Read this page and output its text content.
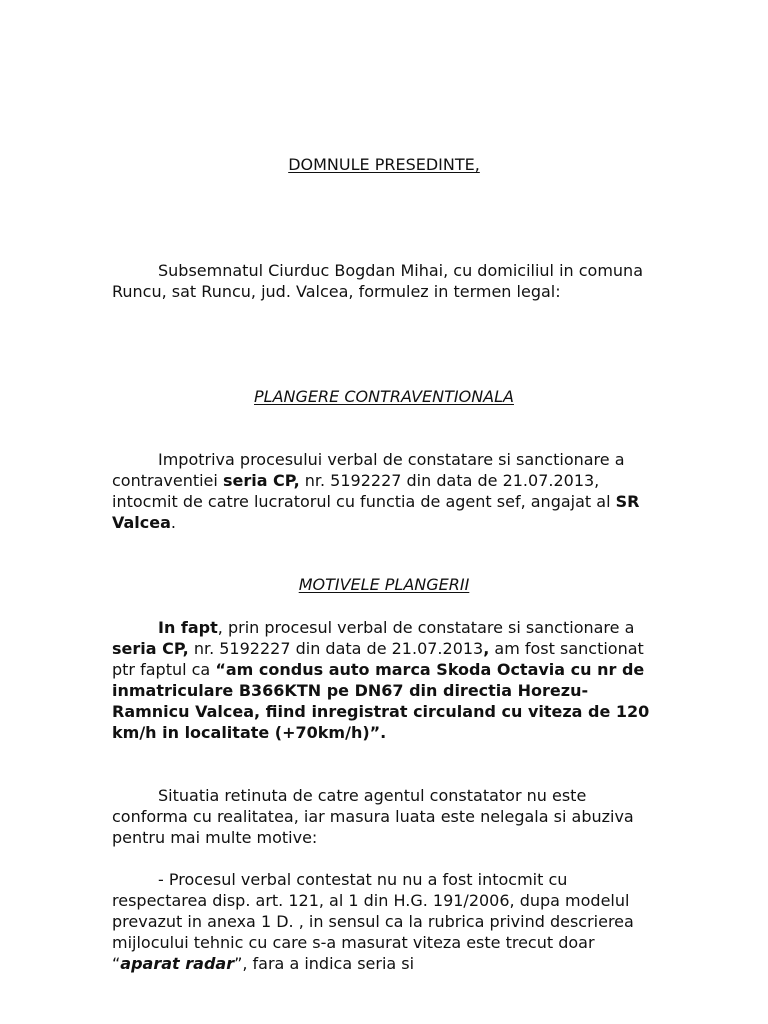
DOMNULE PRESEDINTE,

Subsemnatul Ciurduc Bogdan Mihai, cu domiciliul in comuna Runcu, sat Runcu, jud. Valcea, formulez in termen legal:

PLANGERE CONTRAVENTIONALA

Impotriva procesului verbal de constatare si sanctionare a contraventiei seria CP, nr. 5192227 din data de 21.07.2013, intocmit de catre lucratorul cu functia de agent sef, angajat al SR Valcea.

MOTIVELE PLANGERII

In fapt, prin procesul verbal de constatare si sanctionare a seria CP, nr. 5192227 din data de 21.07.2013, am fost sanctionat ptr faptul ca “am condus auto marca Skoda Octavia cu nr de inmatriculare B366KTN pe DN67 din directia Horezu-Ramnicu Valcea, fiind inregistrat circuland cu viteza de 120 km/h in localitate (+70km/h)”.

Situatia retinuta de catre agentul constatator nu este conforma cu realitatea, iar masura luata este nelegala si abuziva pentru mai multe motive:

- Procesul verbal contestat nu nu a fost intocmit cu respectarea disp. art. 121, al 1 din H.G. 191/2006, dupa modelul prevazut in anexa 1 D. , in sensul ca la rubrica privind descrierea mijlocului tehnic cu care s-a masurat viteza este trecut doar “aparat radar”, fara a indica seria si
